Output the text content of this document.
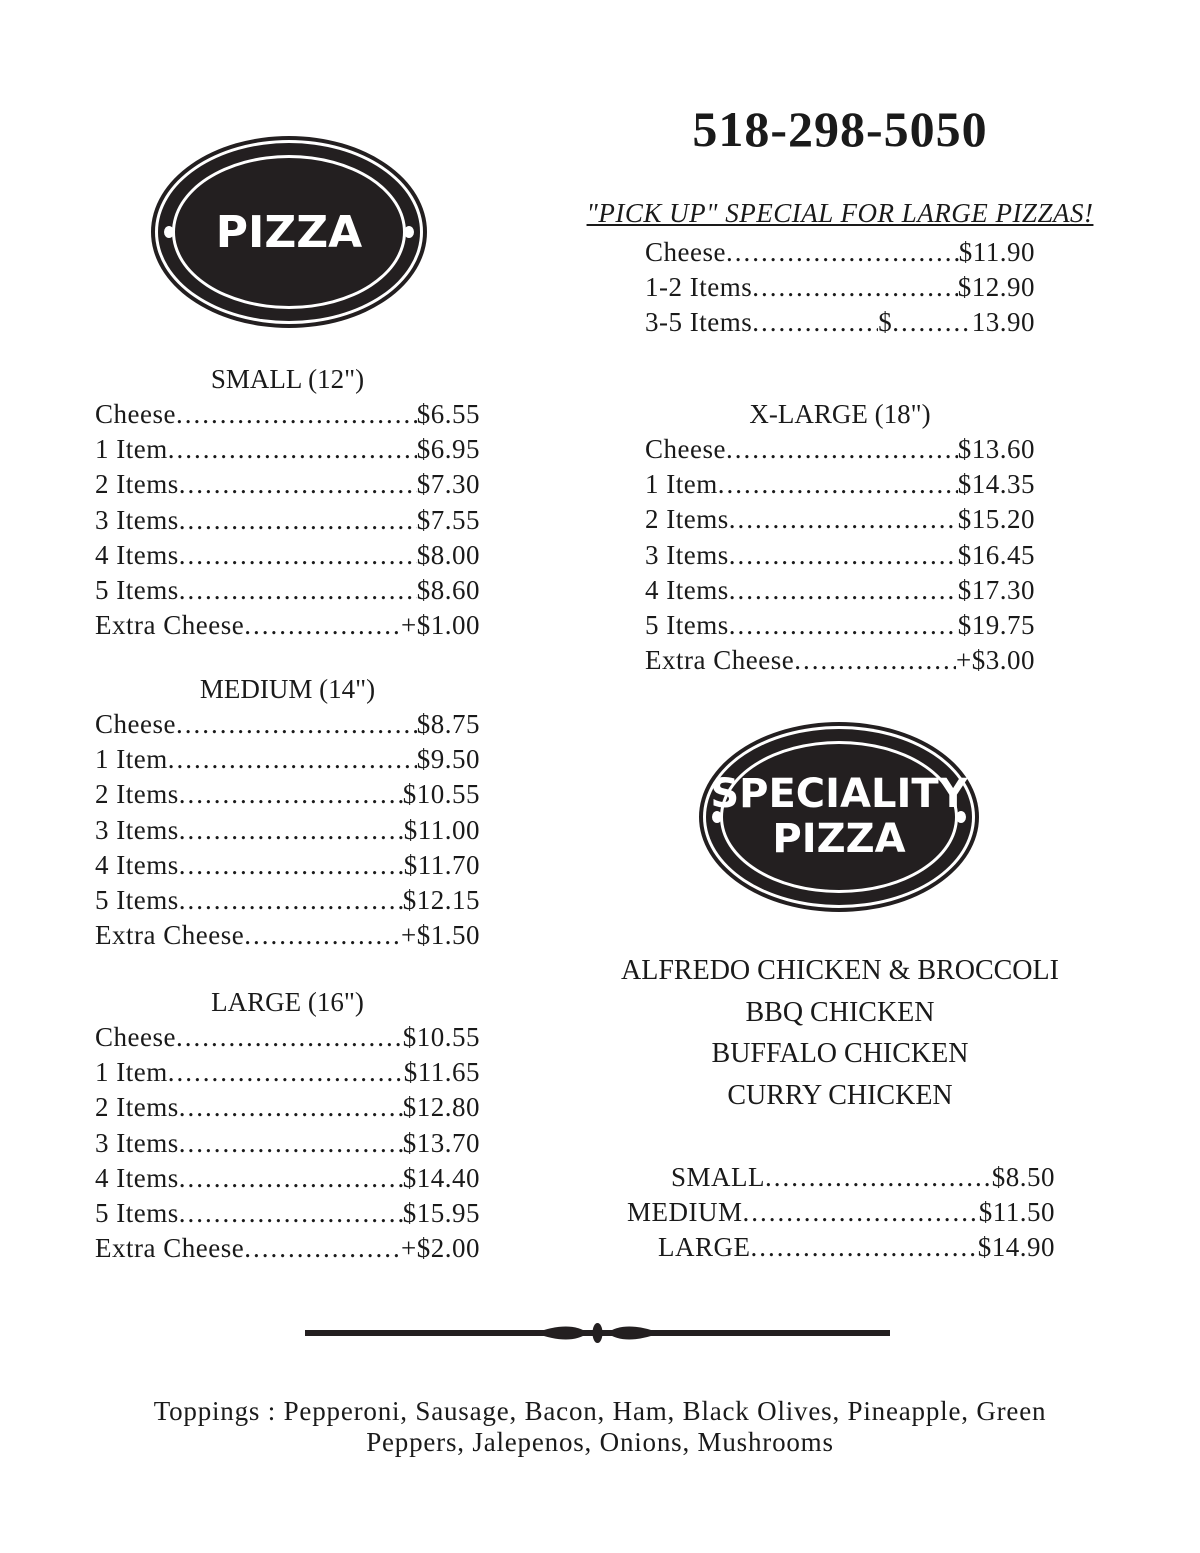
518-298-5050
PIZZA	"PICK UP" SPECIAL FOR LARGE PIZZAS!
Cheese .....	$11.90
1-2 Items .....	$12.90
3-5 Items .....	$ .....	13.90
SMALL (12")
Cheese .....	$6.55
1 Item .....	$6.95
2 Items .....	$7.30
3 Items .....	$7.55
4 Items .....	$8.00
5 Items .....	$8.60
Extra Cheese .....	+$1.00
MEDIUM (14")
Cheese .....	$8.75
1 Item .....	$9.50
2 Items .....	$10.55
3 Items .....	$11.00
4 Items .....	$11.70
5 Items .....	$12.15
Extra Cheese .....	+$1.50
LARGE (16")
Cheese .....	$10.55
1 Item .....	$11.65
2 Items .....	$12.80
3 Items .....	$13.70
4 Items .....	$14.40
5 Items .....	$15.95
Extra Cheese .....	+$2.00
X-LARGE (18")
Cheese .....	$13.60
1 Item .....	$14.35
2 Items .....	$15.20
3 Items .....	$16.45
4 Items .....	$17.30
5 Items .....	$19.75
Extra Cheese .....	+$3.00
SPECIALITY
PIZZA
ALFREDO CHICKEN & BROCCOLI
BBQ CHICKEN
BUFFALO CHICKEN
CURRY CHICKEN
SMALL .....	$8.50
MEDIUM .....	$11.50
LARGE .....	$14.90
Toppings : Pepperoni, Sausage, Bacon, Ham, Black Olives, Pineapple, Green
Peppers, Jalepenos, Onions, Mushrooms
